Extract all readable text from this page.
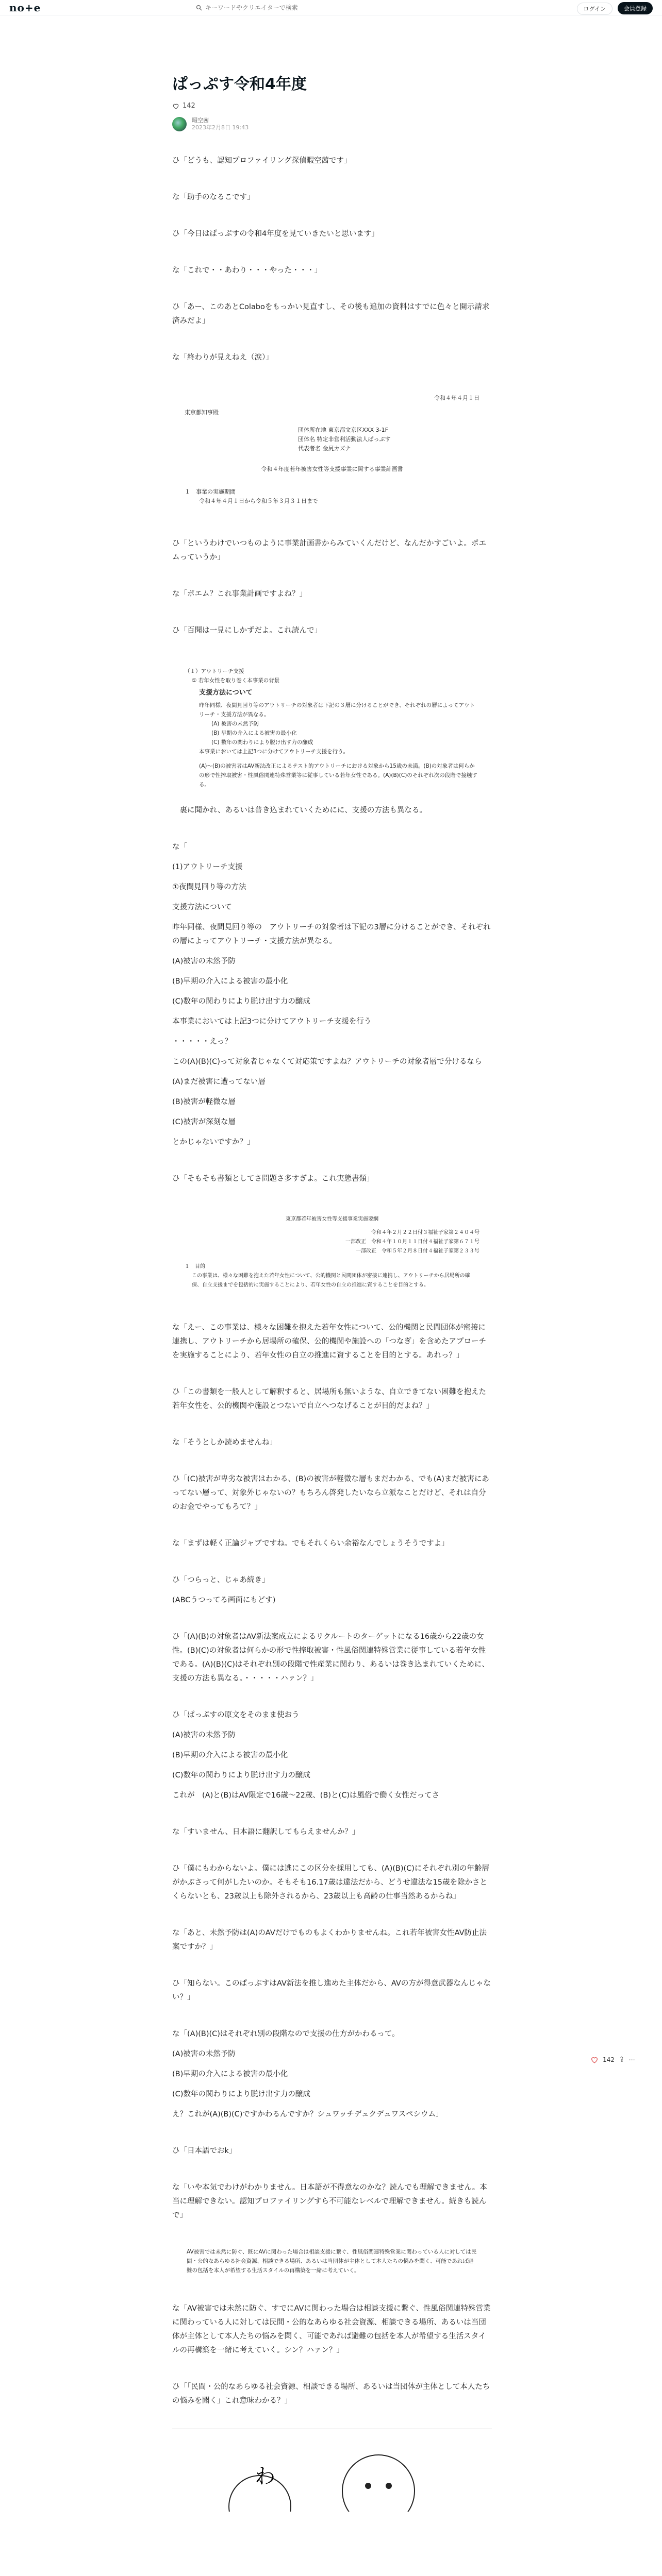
no+e
キーワードやクリエイターで検索	ログイン	会員登録
ぱっぷす令和4年度
142
暇空茜
2023年2月8日 19:43

ひ「どうも、認知プロファイリング探偵暇空茜です」

な「助手のなるこです」

ひ「今日はぱっぷすの令和4年度を見ていきたいと思います」

な「これで・・あわり・・・やった・・・」

ひ「あー、このあとColaboをもっかい見直すし、その後も追加の資料はすでに色々と開示請求済みだよ」

な「終わりが見えねえ（涙）」

令和４年４月１日
東京都知事殿
団体所在地 東京都文京区XXX 3-1F
団体名 特定非営利活動法人ぱっぷす
代表者名 金尻カズナ
令和４年度若年被害女性等支援事業に関する事業計画書
１　事業の実施期間
令和４年４月１日から令和５年３月３１日まで

ひ「というわけでいつものように事業計画書からみていくんだけど、なんだかすごいよ。ポエムっていうか」

な「ポエム？これ事業計画ですよね？」

ひ「百聞は一見にしかずだよ。これ読んで」

（１）アウトリーチ支援
① 若年女性を取り巻く本事業の背景
支援方法について
昨年同様、夜間見回り等のアウトリーチの対象者は下記の３層に分けることができ、それぞれの層によってアウトリーチ・支援方法が異なる。
(A) 被害の未然予防
(B) 早期の介入による被害の最小化
(C) 数年の関わりにより脱け出す力の醸成
本事業においては上記3つに分けてアウトリーチ支援を行う。
(A)〜(B)の被害者はAV新法改正によるテスト的アウトリーチにおける対象から15歳の未満。(B)の対象者は何らかの形で性搾取被害・性風俗関連特殊営業等に従事している若年女性である。(A)(B)(C)のそれぞれ次の段階で接触する。

　裏に聞かれ、あるいは普き込まれていくためにに、支援の方法も異なる。

な「

(1)アウトリーチ支援

①夜間見回り等の方法

支援方法について

昨年同様、夜間見回り等の　アウトリーチの対象者は下記の3層に分けることができ、それぞれの層によってアウトリーチ・支援方法が異なる。

(A)被害の未然予防

(B)早期の介入による被害の最小化

(C)数年の関わりにより脱け出す力の醸成

本事業においては上記3つに分けてアウトリーチ支援を行う

・・・・・えっ？

この(A)(B)(C)って対象者じゃなくて対応策ですよね？アウトリーチの対象者層で分けるなら

(A)まだ被害に遭ってない層

(B)被害が軽微な層

(C)被害が深刻な層

とかじゃないですか？」

ひ「そもそも書類としてさ問題さ多すぎよ。これ実態書類」

東京都若年被害女性等支援事業実施要綱
令和４年２月２２日付３福祉子家第２４０４号
一部改正　令和４年１０月１１日付４福祉子家第６７１号
一部改正　令和５年２月８日付４福祉子家第２３３号
１　目的
この事業は、様々な困難を抱えた若年女性について、公的機関と民間団体が密接に連携し、アウトリーチから居場所の確保、自立支援までを包括的に実施することにより、若年女性の自立の推進に資することを目的とする。

な「えー、この事業は、様々な困難を抱えた若年女性について、公的機関と民間団体が密接に連携し、アウトリーチから居場所の確保、公的機関や施設への「つなぎ」を含めたアプローチを実施することにより、若年女性の自立の推進に資することを目的とする。あれっ？」

ひ「この書類を一般人として解釈すると、居場所も無いような、自立できてない困難を抱えた若年女性を、公的機関や施設とつないで自立へつなげることが目的だよね？」

な「そうとしか読めませんね」

ひ「(C)被害が卑劣な被害はわかる、(B)の被害が軽微な層もまだわかる、でも(A)まだ被害にあってない層って、対象外じゃないの？もちろん啓発したいなら立派なことだけど、それは自分のお金でやってもろて？」

な「まずは軽く正論ジャブですね。でもそれくらい余裕なんでしょうそうですよ」

ひ「つらっと、じゃあ続き」

(ABCうつってる画面にもどす)

ひ「(A)(B)の対象者はAV新法案成立によるリクルートのターゲットになる16歳から22歳の女性。(B)(C)の対象者は何らかの形で性搾取被害・性風俗関連特殊営業に従事している若年女性である。(A)(B)(C)はそれぞれ別の段階で性産業に関わり、あるいは巻き込まれていくために、支援の方法も異なる。・・・・・ハァン？」

ひ「ぱっぷすの原文をそのまま使おう

(A)被害の未然予防

(B)早期の介入による被害の最小化

(C)数年の関わりにより脱け出す力の醸成

これが　(A)と(B)はAV限定で16歳〜22歳、(B)と(C)は風俗で働く女性だってさ

な「すいません、日本語に翻訳してもらえませんか？」

ひ「僕にもわからないよ。僕には逃にこの区分を採用しても、(A)(B)(C)にそれぞれ別の年齢層がかぶさって何がしたいのか。そもそも16.17歳は違法だから、どうせ違法な15歳を除かさとくらないとも、23歳以上も除外されるから、23歳以上も高齢の仕事当然あるからね」

な「あと、未然予防は(A)のAVだけでものもよくわかりませんね。これ若年被害女性AV防止法案ですか？」

ひ「知らない。このぱっぷすはAV新法を推し進めた主体だから、AVの方が得意武器なんじゃない？」

な「(A)(B)(C)はそれぞれ別の段階なので支援の仕方がかわるって。

(A)被害の未然予防

(B)早期の介入による被害の最小化

(C)数年の関わりにより脱け出す力の醸成

え？これが(A)(B)(C)ですかわるんですか？シュワッチデュクデュワスペシウム」

ひ「日本語でおk」

な「いや本気でわけがわかりません。日本語が不得意なのかな？読んでも理解できません。本当に理解できない。認知プロファイリングすら不可能なレベルで理解できません。続きも読んで」

AV被害では未然に防ぐ、既にAVに関わった場合は相談支援に繋ぐ、性風俗関連特殊営業に関わっている人に対しては民間・公的なあらゆる社会資源、相談できる場所、あるいは当団体が主体として本人たちの悩みを聞く、可能であれば避難の包括を本人が希望する生活スタイルの再構築を一緒に考えていく。

な「AV被害では未然に防ぐ、すでにAVに関わった場合は相談支援に繋ぐ、性風俗関連特殊営業に関わっている人に対しては民間・公的なあらゆる社会資源、相談できる場所、あるいは当団体が主体として本人たちの悩みを聞く、可能であれば避難の包括を本人が希望する生活スタイルの再構築を一緒に考えていく。シン？ハァン？」

ひ「「民間・公的なあらゆる社会資源、相談できる場所、あるいは当団体が主体として本人たちの悩みを聞く」これ意味わかる？」

わ
142 ⇪ ⋯
